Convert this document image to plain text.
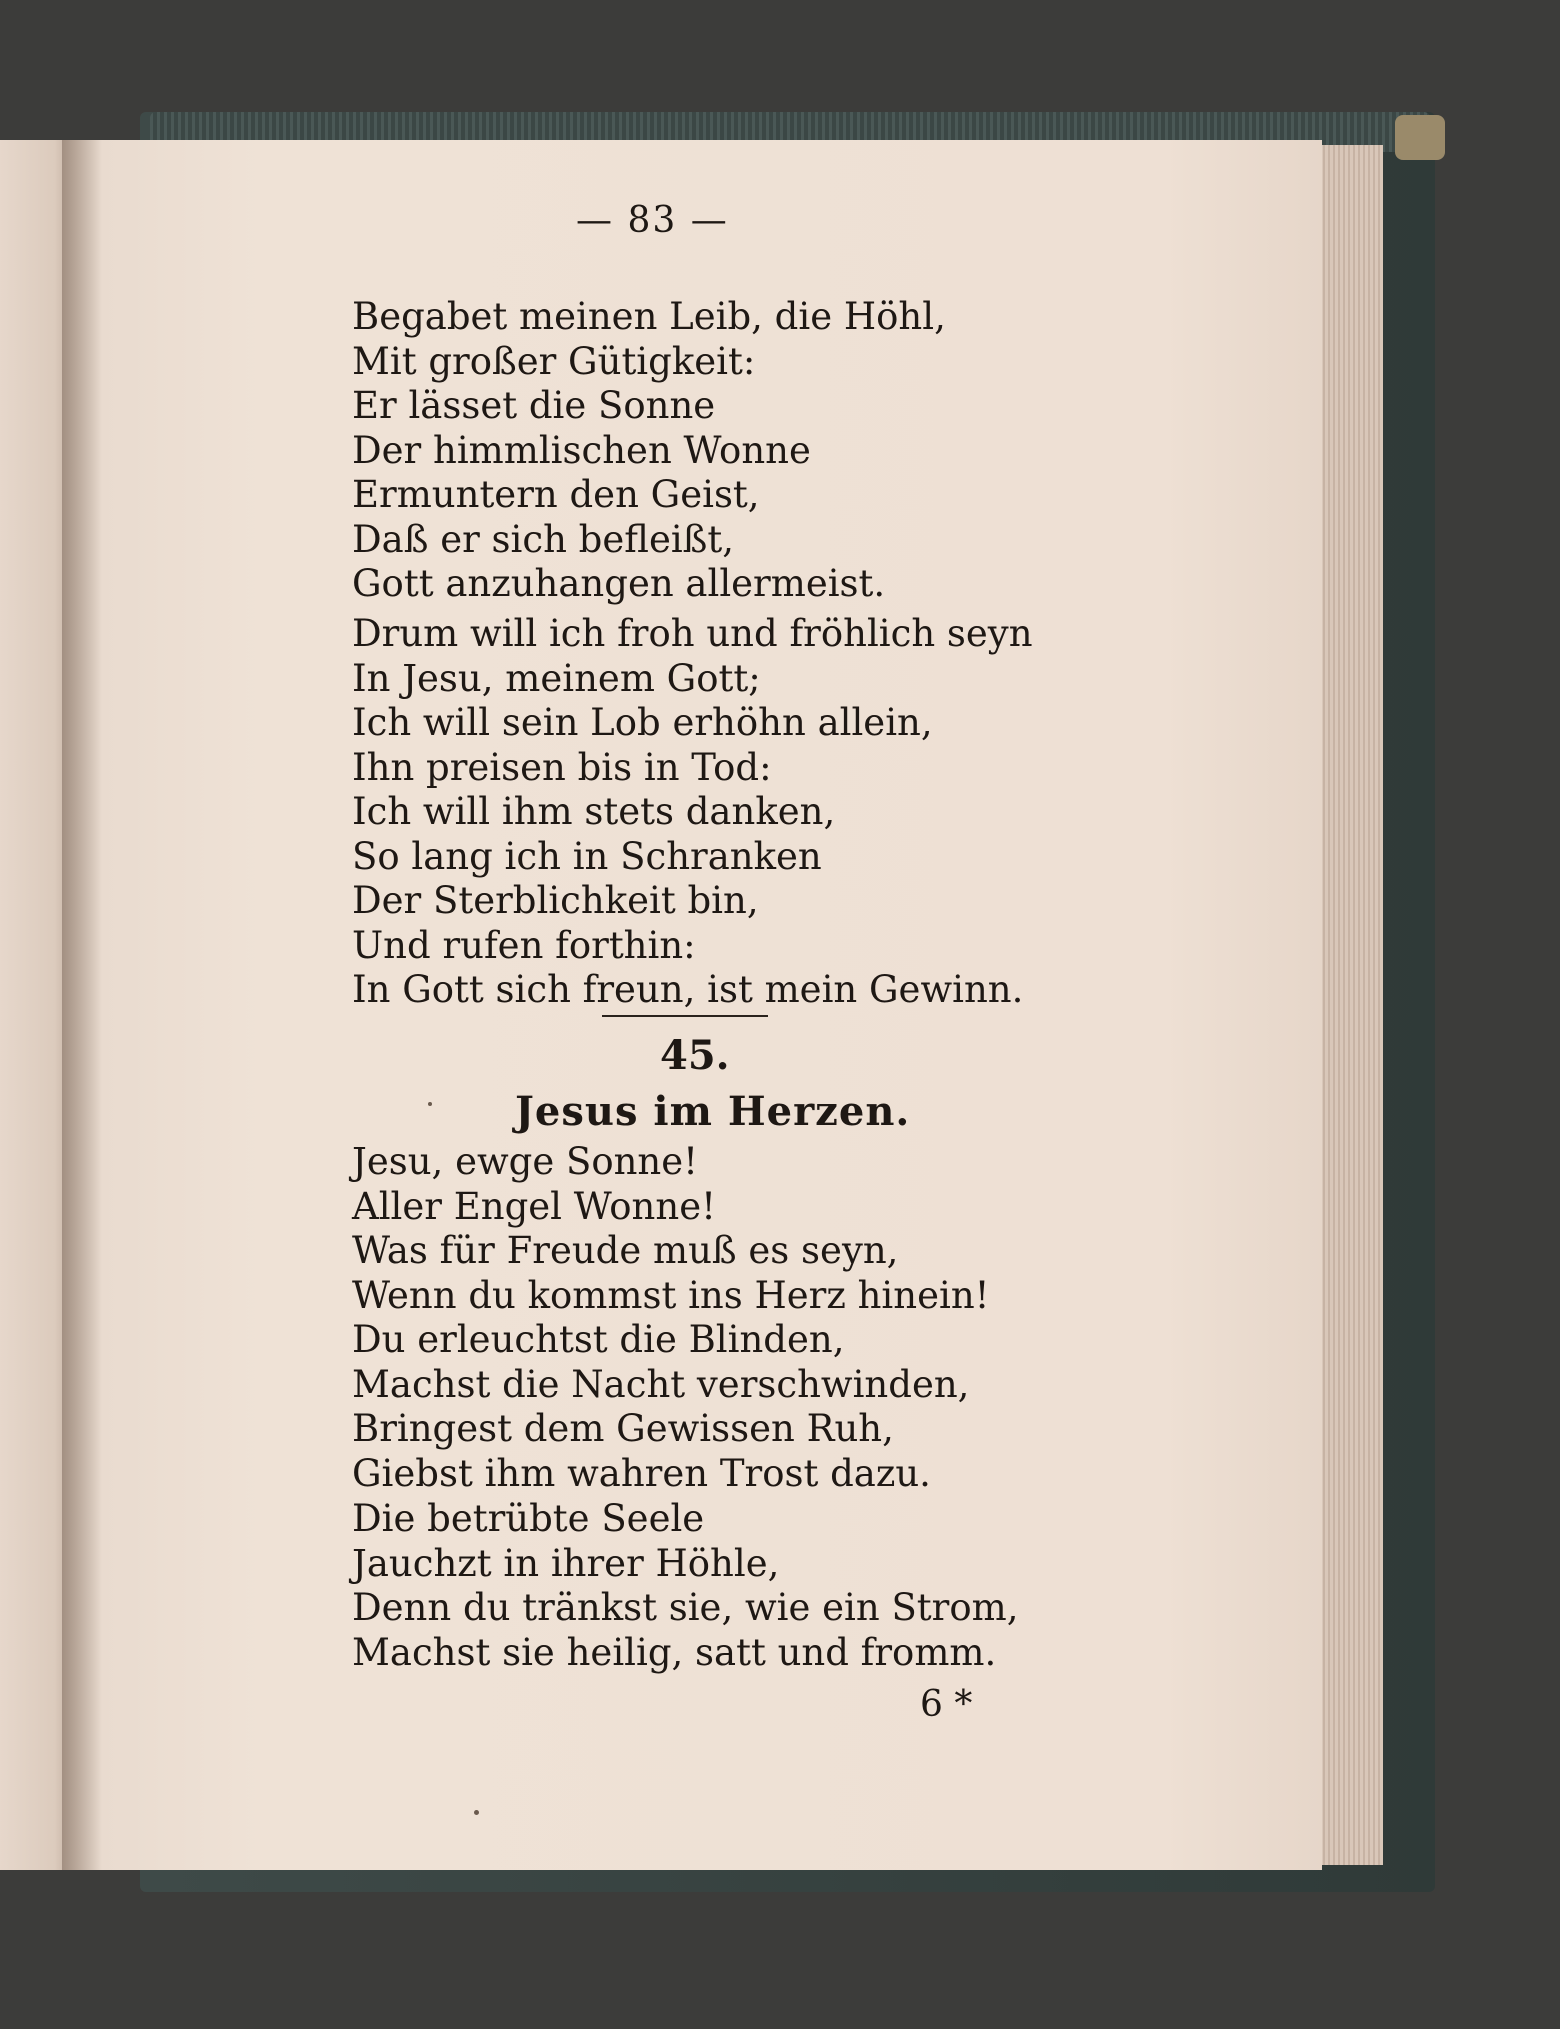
— 83 —
Begabet meinen Leib, die Höhl,
Mit großer Gütigkeit:
Er lässet die Sonne
Der himmlischen Wonne
Ermuntern den Geist,
Daß er sich befleißt,
Gott anzuhangen allermeist.
Drum will ich froh und fröhlich seyn
In Jesu, meinem Gott;
Ich will sein Lob erhöhn allein,
Ihn preisen bis in Tod:
Ich will ihm stets danken,
So lang ich in Schranken
Der Sterblichkeit bin,
Und rufen forthin:
In Gott sich freun, ist mein Gewinn.
45.
Jesus im Herzen.
Jesu, ewge Sonne!
Aller Engel Wonne!
Was für Freude muß es seyn,
Wenn du kommst ins Herz hinein!
Du erleuchtst die Blinden,
Machst die Nacht verschwinden,
Bringest dem Gewissen Ruh,
Giebst ihm wahren Trost dazu.
Die betrübte Seele
Jauchzt in ihrer Höhle,
Denn du tränkst sie, wie ein Strom,
Machst sie heilig, satt und fromm.
6 *
